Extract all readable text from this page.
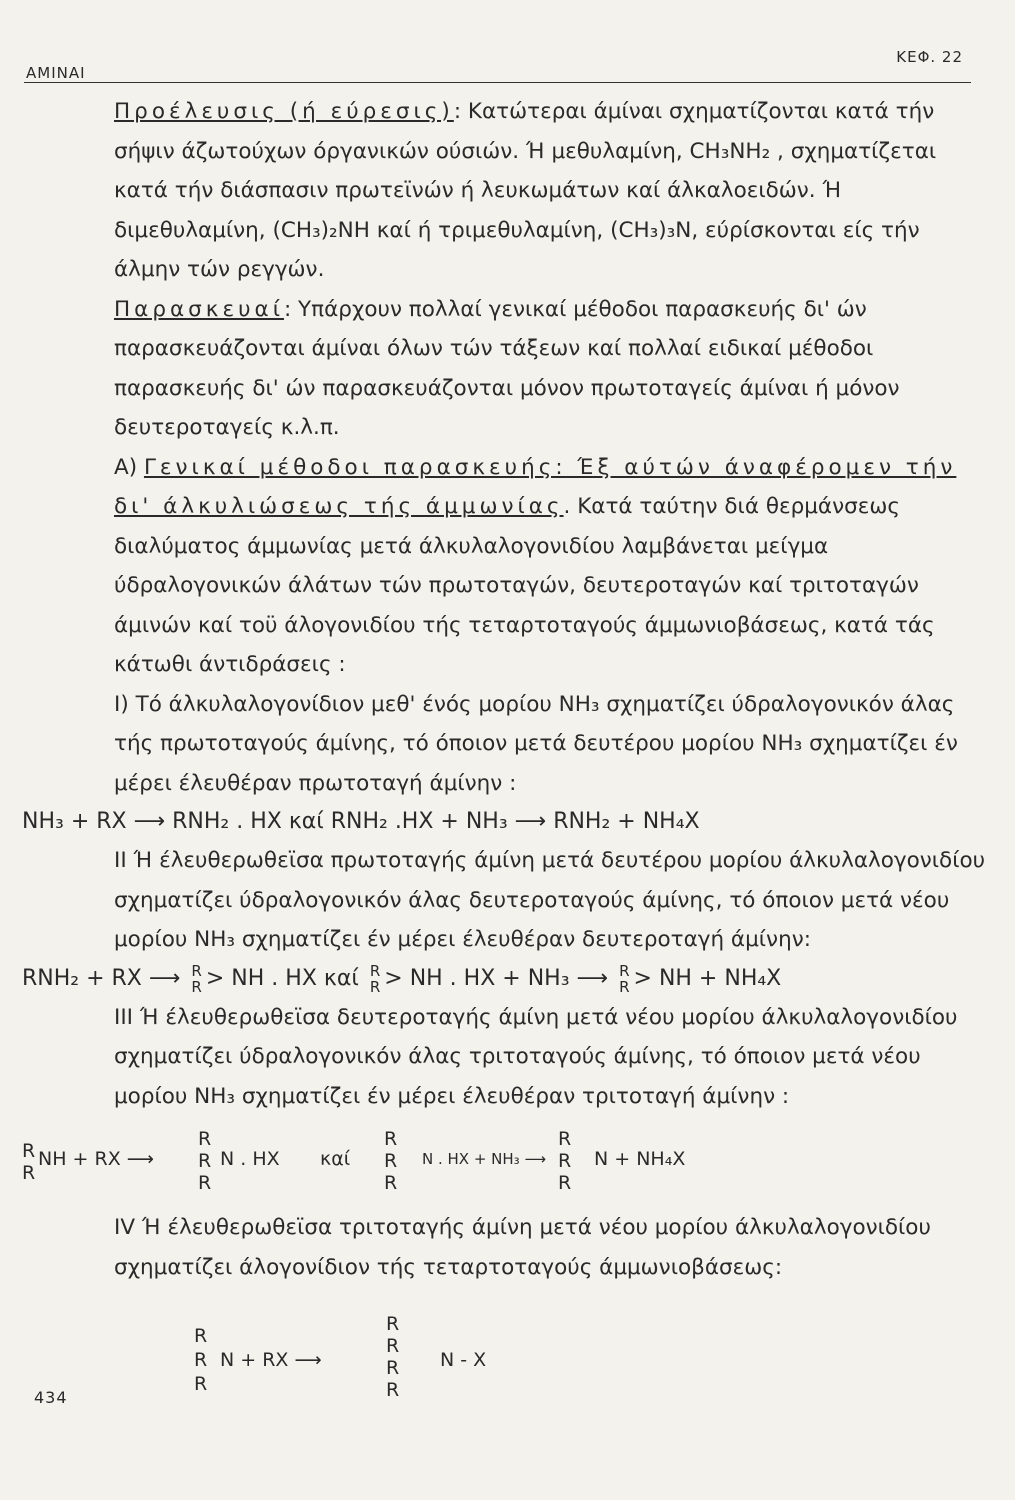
AMINAI
ΚΕΦ. 22

Προέλευσις (ή εύρεσις): Κατώτεραι άμίναι σχηματίζονται κατά τήν σήψιν άζωτούχων όργανικών ούσιών. Ή μεθυλαμίνη, CH₃NH₂ , σχηματίζεται κατά τήν διάσπασιν πρωτεϊνών ή λευκωμάτων καί άλκαλοειδών. Ή διμεθυλαμίνη, (CH₃)₂NH καί ή τριμεθυλαμίνη, (CH₃)₃N, εύρίσκονται είς τήν άλμην τών ρεγγών.

Παρασκευαί: Υπάρχουν πολλαί γενικαί μέθοδοι παρασκευής δι' ών παρασκευάζονται άμίναι όλων τών τάξεων καί πολλαί ειδικαί μέθοδοι παρασκευής δι' ών παρασκευάζονται μόνον πρωτοταγείς άμίναι ή μόνον δευτεροταγείς κ.λ.π.

Α) Γενικαί μέθοδοι παρασκευής: Έξ αύτών άναφέρομεν τήν δι' άλκυλιώσεως τής άμμωνίας. Κατά ταύτην διά θερμάνσεως διαλύματος άμμωνίας μετά άλκυλαλογονιδίου λαμβάνεται μείγμα ύδραλογονικών άλάτων τών πρωτοταγών, δευτεροταγών καί τριτοταγών άμινών καί τοϋ άλογονιδίου τής τεταρτοταγούς άμμωνιοβάσεως, κατά τάς κάτωθι άντιδράσεις :

I) Τό άλκυλαλογονίδιον μεθ' ένός μορίου NH₃ σχηματίζει ύδραλογονικόν άλας τής πρωτοταγούς άμίνης, τό όποιον μετά δευτέρου μορίου NH₃ σχηματίζει έν μέρει έλευθέραν πρωτοταγή άμίνην :

NH₃ + RX ⟶ RNH₂ . HX καί RNH₂ .HX + NH₃ ⟶ RNH₂ + NH₄X

II Ή έλευθερωθεϊσα πρωτοταγής άμίνη μετά δευτέρου μορίου άλκυλαλογονιδίου σχηματίζει ύδραλογονικόν άλας δευτεροταγούς άμίνης, τό όποιον μετά νέου μορίου NH₃ σχηματίζει έν μέρει έλευθέραν δευτεροταγή άμίνην:

RNH₂ + RX ⟶ R
R > NH . HX καί R
R > NH . HX + NH₃ ⟶ R
R > NH + NH₄X

III Ή έλευθερωθεϊσα δευτεροταγής άμίνη μετά νέου μορίου άλκυλαλογονιδίου σχηματίζει ύδραλογονικόν άλας τριτοταγούς άμίνης, τό όποιον μετά νέου μορίου NH₃ σχηματίζει έν μέρει έλευθέραν τριτοταγή άμίνην :

R
R
NH + RX ⟶
R
R
R
N . HX καί
R
R
R
N . HX + NH₃ ⟶
R
R
R
N + NH₄X

IV Ή έλευθερωθεϊσα τριτοταγής άμίνη μετά νέου μορίου άλκυλαλογονιδίου σχηματίζει άλογονίδιον τής τεταρτοταγούς άμμωνιοβάσεως:

R
R
R
N + RX ⟶
R
R
R
R
N - X
434
